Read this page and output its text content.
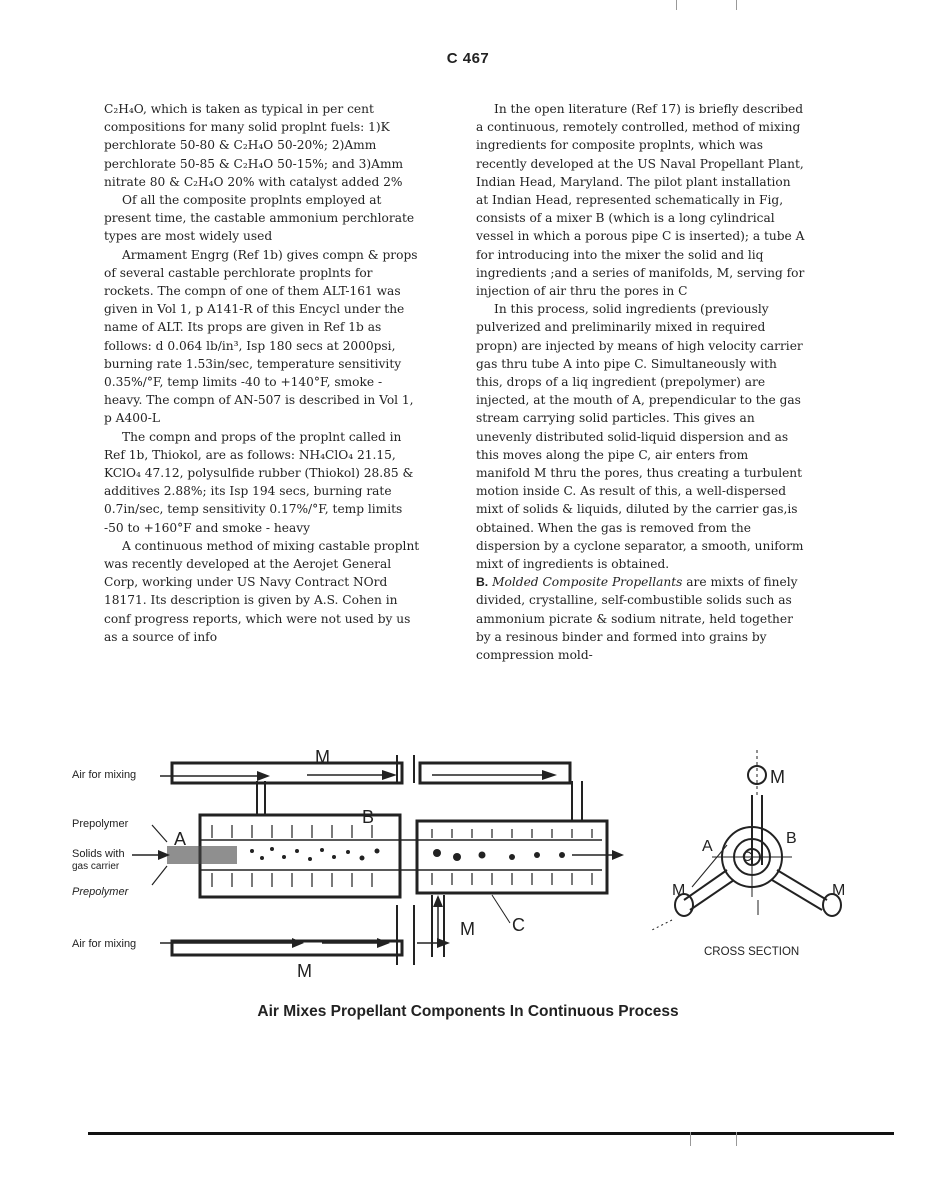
C 467

C₂H₄O, which is taken as typical in per cent compositions for many solid proplnt fuels: 1)K perchlorate 50-80 & C₂H₄O 50-20%; 2)Amm perchlorate 50-85 & C₂H₄O 50-15%; and 3)Amm nitrate 80 & C₂H₄O 20% with catalyst added 2%

Of all the composite proplnts employed at present time, the castable ammonium perchlorate types are most widely used

Armament Engrg (Ref 1b) gives compn & props of several castable perchlorate proplnts for rockets. The compn of one of them ALT-161 was given in Vol 1, p A141-R of this Encycl under the name of ALT. Its props are given in Ref 1b as follows: d 0.064 lb/in³, Isp 180 secs at 2000psi, burning rate 1.53in/sec, temperature sensitivity 0.35%/°F, temp limits -40 to +140°F, smoke -heavy. The compn of AN-507 is described in Vol 1, p A400-L

The compn and props of the proplnt called in Ref 1b, Thiokol, are as follows: NH₄ClO₄ 21.15, KClO₄ 47.12, polysulfide rubber (Thiokol) 28.85 & additives 2.88%; its Isp 194 secs, burning rate 0.7in/sec, temp sensitivity 0.17%/°F, temp limits -50 to +160°F and smoke - heavy

A continuous method of mixing castable proplnt was recently developed at the Aerojet General Corp, working under US Navy Contract NOrd 18171. Its description is given by A.S. Cohen in conf progress reports, which were not used by us as a source of info

In the open literature (Ref 17) is briefly described a continuous, remotely controlled, method of mixing ingredients for composite proplnts, which was recently developed at the US Naval Propellant Plant, Indian Head, Maryland. The pilot plant installation at Indian Head, represented schematically in Fig, consists of a mixer B (which is a long cylindrical vessel in which a porous pipe C is inserted); a tube A for introducing into the mixer the solid and liq ingredients ;and a series of manifolds, M, serving for injection of air thru the pores in C

In this process, solid ingredients (previously pulverized and preliminarily mixed in required propn) are injected by means of high velocity carrier gas thru tube A into pipe C. Simultaneously with this, drops of a liq ingredient (prepolymer) are injected, at the mouth of A, prependicular to the gas stream carrying solid particles. This gives an unevenly distributed solid-liquid dispersion and as this moves along the pipe C, air enters from manifold M thru the pores, thus creating a turbulent motion inside C. As result of this, a well-dispersed mixt of solids & liquids, diluted by the carrier gas,is obtained. When the gas is removed from the dispersion by a cyclone separator, a smooth, uniform mixt of ingredients is obtained.

B. Molded Composite Propellants are mixts of finely divided, crystalline, self-combustible solids such as ammonium picrate & sodium nitrate, held together by a resinous binder and formed into grains by compression mold-

Air for mixing
Prepolymer
Solids with
gas carrier
Prepolymer
Air for mixing
M
M
M
A
B
C
M
A	B
C
M	M
CROSS SECTION
Air Mixes Propellant Components In Continuous Process
